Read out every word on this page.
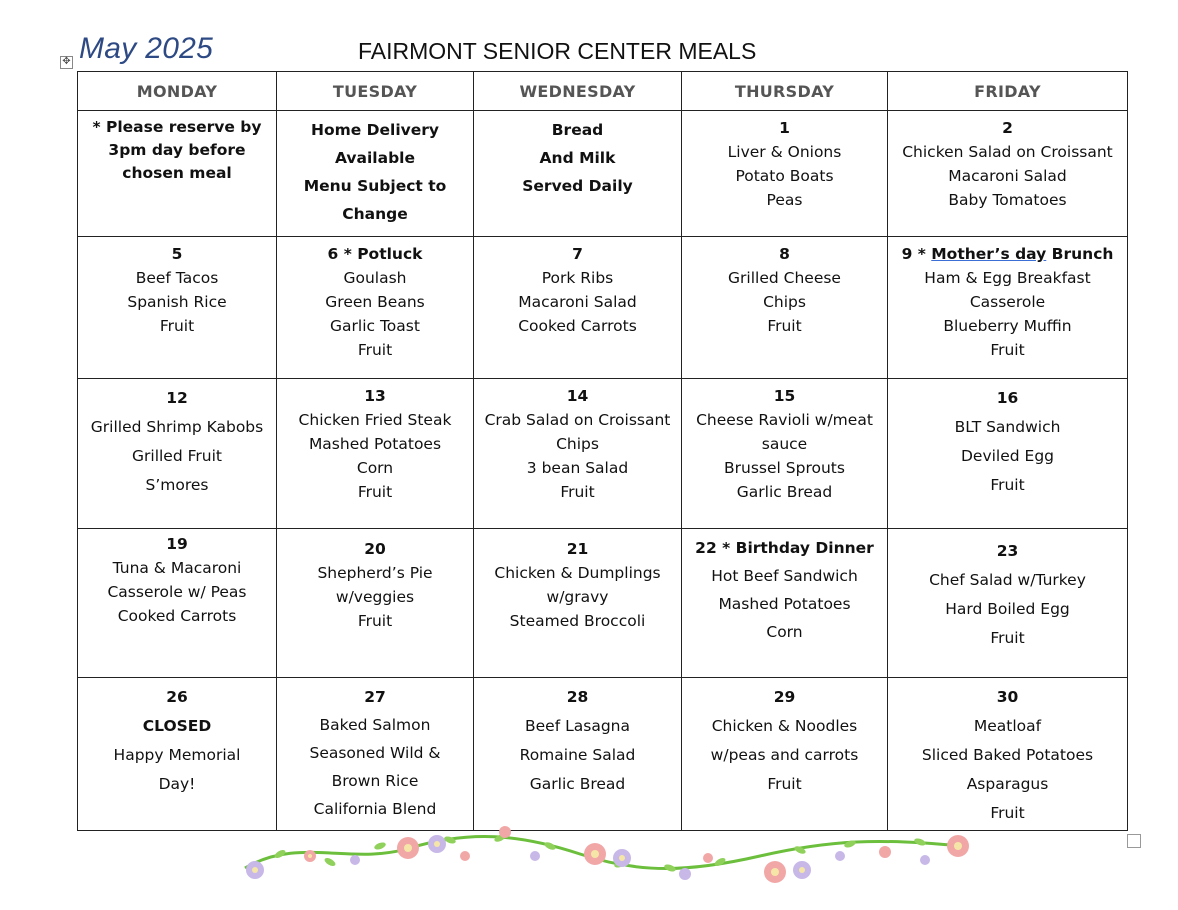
May 2025	FAIRMONT SENIOR CENTER MEALS
✥
MONDAY	TUESDAY	WEDNESDAY	THURSDAY	FRIDAY

* Please reserve by
3pm day before
chosen meal	Home Delivery
Available
Menu Subject to
Change	Bread
And Milk
Served Daily	1
Liver & Onions
Potato Boats
Peas	2
Chicken Salad on Croissant
Macaroni Salad
Baby Tomatoes

5
Beef Tacos
Spanish Rice
Fruit	6 * Potluck
Goulash
Green Beans
Garlic Toast
Fruit	7
Pork Ribs
Macaroni Salad
Cooked Carrots	8
Grilled Cheese
Chips
Fruit	9 * Mother’s day Brunch
Ham & Egg Breakfast
Casserole
Blueberry Muffin
Fruit

12
Grilled Shrimp Kabobs
Grilled Fruit
S’mores	13
Chicken Fried Steak
Mashed Potatoes
Corn
Fruit	14
Crab Salad on Croissant
Chips
3 bean Salad
Fruit	15
Cheese Ravioli w/meat
sauce
Brussel Sprouts
Garlic Bread	16
BLT Sandwich
Deviled Egg
Fruit

19
Tuna & Macaroni
Casserole w/ Peas
Cooked Carrots	20
Shepherd’s Pie
w/veggies
Fruit	21
Chicken & Dumplings
w/gravy
Steamed Broccoli	22 * Birthday Dinner
Hot Beef Sandwich
Mashed Potatoes
Corn	23
Chef Salad w/Turkey
Hard Boiled Egg
Fruit

26
CLOSED
Happy Memorial
Day!	27
Baked Salmon
Seasoned Wild &
Brown Rice
California Blend	28
Beef Lasagna
Romaine Salad
Garlic Bread	29
Chicken & Noodles
w/peas and carrots
Fruit	30
Meatloaf
Sliced Baked Potatoes
Asparagus
Fruit
